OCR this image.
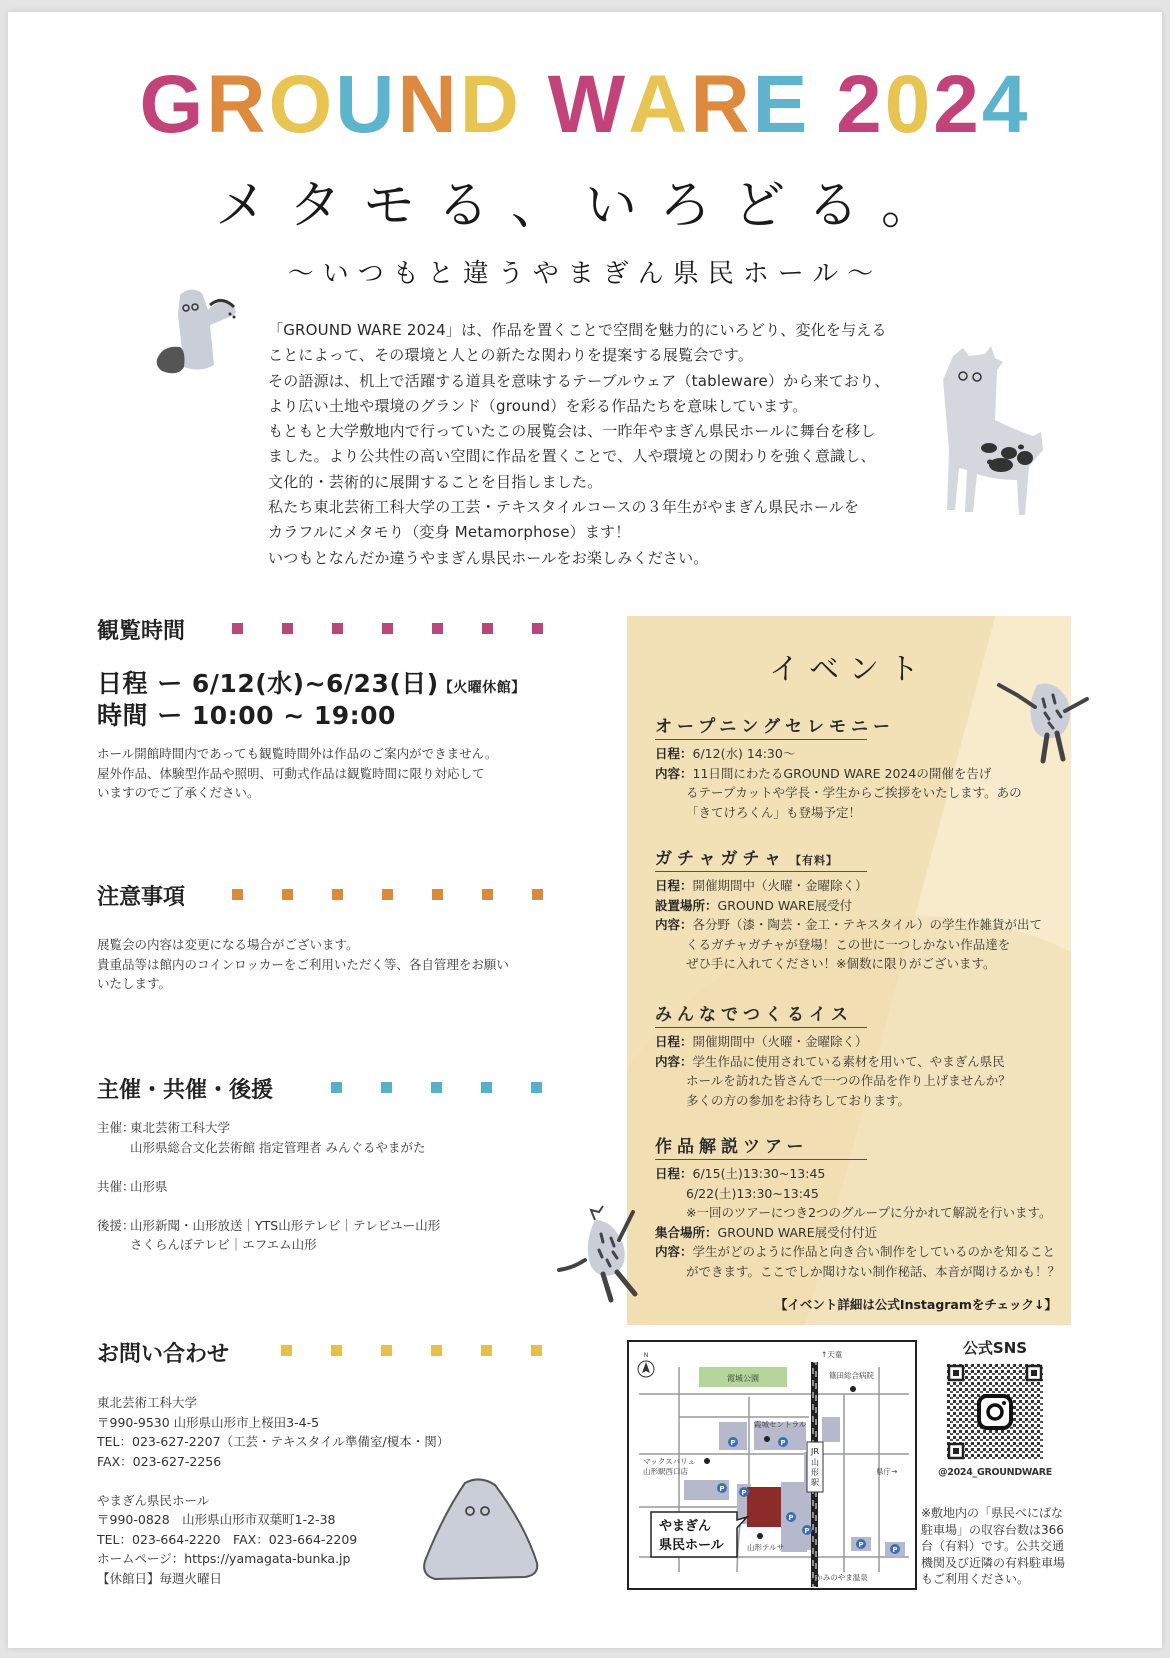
GROUND WARE 2024
メタモる、いろどる。
〜いつもと違うやまぎん県民ホール〜

「GROUND WARE 2024」は、作品を置くことで空間を魅力的にいろどり、変化を与える

ことによって、その環境と人との新たな関わりを提案する展覧会です。

その語源は、机上で活躍する道具を意味するテーブルウェア（tableware）から来ており、

より広い土地や環境のグランド（ground）を彩る作品たちを意味しています。

もともと大学敷地内で行っていたこの展覧会は、一昨年やまぎん県民ホールに舞台を移し

ました。より公共性の高い空間に作品を置くことで、人や環境との関わりを強く意識し、

文化的・芸術的に展開することを目指しました。

私たち東北芸術工科大学の工芸・テキスタイルコースの３年生がやまぎん県民ホールを

カラフルにメタモり（変身 Metamorphose）ます！

いつもとなんだか違うやまぎん県民ホールをお楽しみください。

観覧時間
日程 ー 6/12(水)~6/23(日)【火曜休館】
時間 ー 10:00 ~ 19:00
ホール開館時間内であっても観覧時間外は作品のご案内ができません。
屋外作品、体験型作品や照明、可動式作品は観覧時間に限り対応して
いますのでご了承ください。
注意事項
展覧会の内容は変更になる場合がございます。
貴重品等は館内のコインロッカーをご利用いただく等、各自管理をお願い
いたします。
主催・共催・後援
主催：
東北芸術工科大学
山形県総合文化芸術館 指定管理者 みんぐるやまがた
共催：
山形県
後援：
山形新聞・山形放送｜YTS山形テレビ｜テレビユー山形
さくらんぼテレビ｜エフエム山形
お問い合わせ
東北芸術工科大学
〒990-9530 山形県山形市上桜田3-4-5
TEL：023-627-2207（工芸・テキスタイル準備室/榎本・関）
FAX：023-627-2256
やまぎん県民ホール
〒990-0828　山形県山形市双葉町1-2-38
TEL：023-664-2220　FAX：023-664-2209
ホームページ：https://yamagata-bunka.jp
【休館日】毎週火曜日
イベント
オープニングセレモニー
日程： 6/12(水) 14:30〜
内容： 11日間にわたるGROUND WARE 2024の開催を告げ
るテープカットや学長・学生からご挨拶をいたします。あの
「きてけろくん」も登場予定！
ガチャガチャ 【有料】
日程： 開催期間中（火曜・金曜除く）
設置場所： GROUND WARE展受付
内容： 各分野（漆・陶芸・金工・テキスタイル）の学生作雑貨が出て
くるガチャガチャが登場！この世に一つしかない作品達を
ぜひ手に入れてください！※個数に限りがございます。
みんなでつくるイス
日程： 開催期間中（火曜・金曜除く）
内容： 学生作品に使用されている素材を用いて、やまぎん県民
ホールを訪れた皆さんで一つの作品を作り上げませんか？
多くの方の参加をお待ちしております。
作品解説ツアー
日程： 6/15(土)13:30~13:45
6/22(土)13:30~13:45
※一回のツアーにつき2つのグループに分かれて解説を行います。
集合場所： GROUND WARE展受付付近
内容： 学生がどのように作品と向き合い制作をしているのかを知ること
ができます。ここでしか聞けない制作秘話、本音が聞けるかも！？
【イベント詳細は公式Instagramをチェック↓】
霞城公園
JR
山
形
駅
N	↑天童
篠田総合病院
霞城セントラル
マックスバリュ
山形駅西口店	県庁→
山形テルサ
↓かみのやま温泉
P	P
P P
P
P
P
P
やまぎん
県民ホール
公式SNS
@2024_GROUNDWARE
※敷地内の「県民べにばな駐車場」の収容台数は366台（有料）です。公共交通機関及び近隣の有料駐車場もご利用ください。
